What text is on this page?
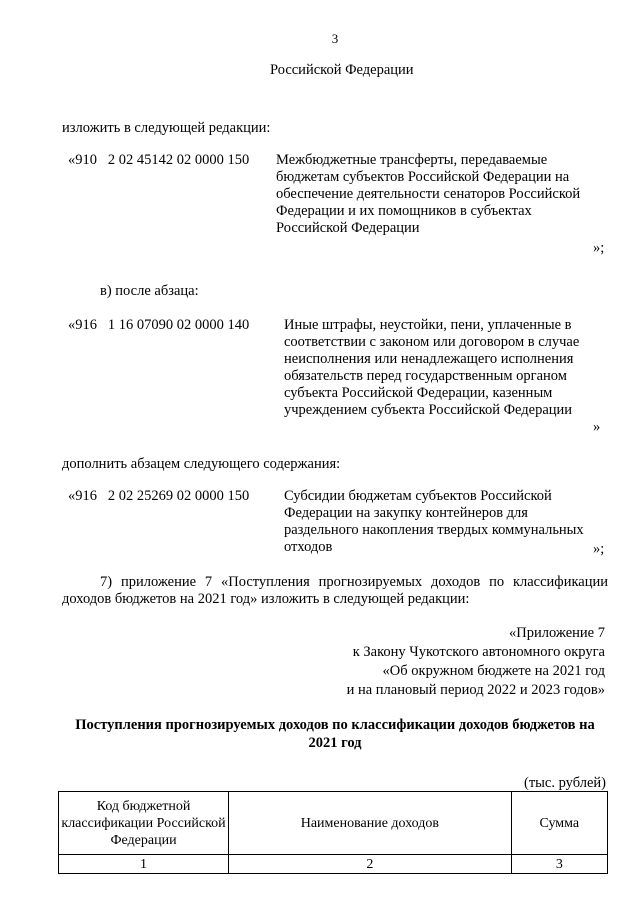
3
Российской Федерации
изложить в следующей редакции:
«910   2 02 45142 02 0000 150 Межбюджетные трансферты, передаваемые бюджетам субъектов Российской Федерации на обеспечение деятельности сенаторов Российской Федерации и их помощников в субъектах Российской Федерации
»;
в) после абзаца:
«916   1 16 07090 02 0000 140 Иные штрафы, неустойки, пени, уплаченные в соответствии с законом или договором в случае неисполнения или ненадлежащего исполнения обязательств перед государственным органом субъекта Российской Федерации, казенным учреждением субъекта Российской Федерации
»
дополнить абзацем следующего содержания:
«916   2 02 25269 02 0000 150 Субсидии бюджетам субъектов Российской Федерации на закупку контейнеров для раздельного накопления твердых коммунальных отходов	»;
7) приложение 7 «Поступления прогнозируемых доходов по классификации доходов бюджетов на 2021 год» изложить в следующей редакции:
«Приложение 7
к Закону Чукотского автономного округа
«Об окружном бюджете на 2021 год
и на плановый период 2022 и 2023 годов»
Поступления прогнозируемых доходов по классификации доходов бюджетов на 2021 год
(тыс. рублей)
Код бюджетной классификации Российской Федерации	Наименование доходов	Сумма
1	2	3
